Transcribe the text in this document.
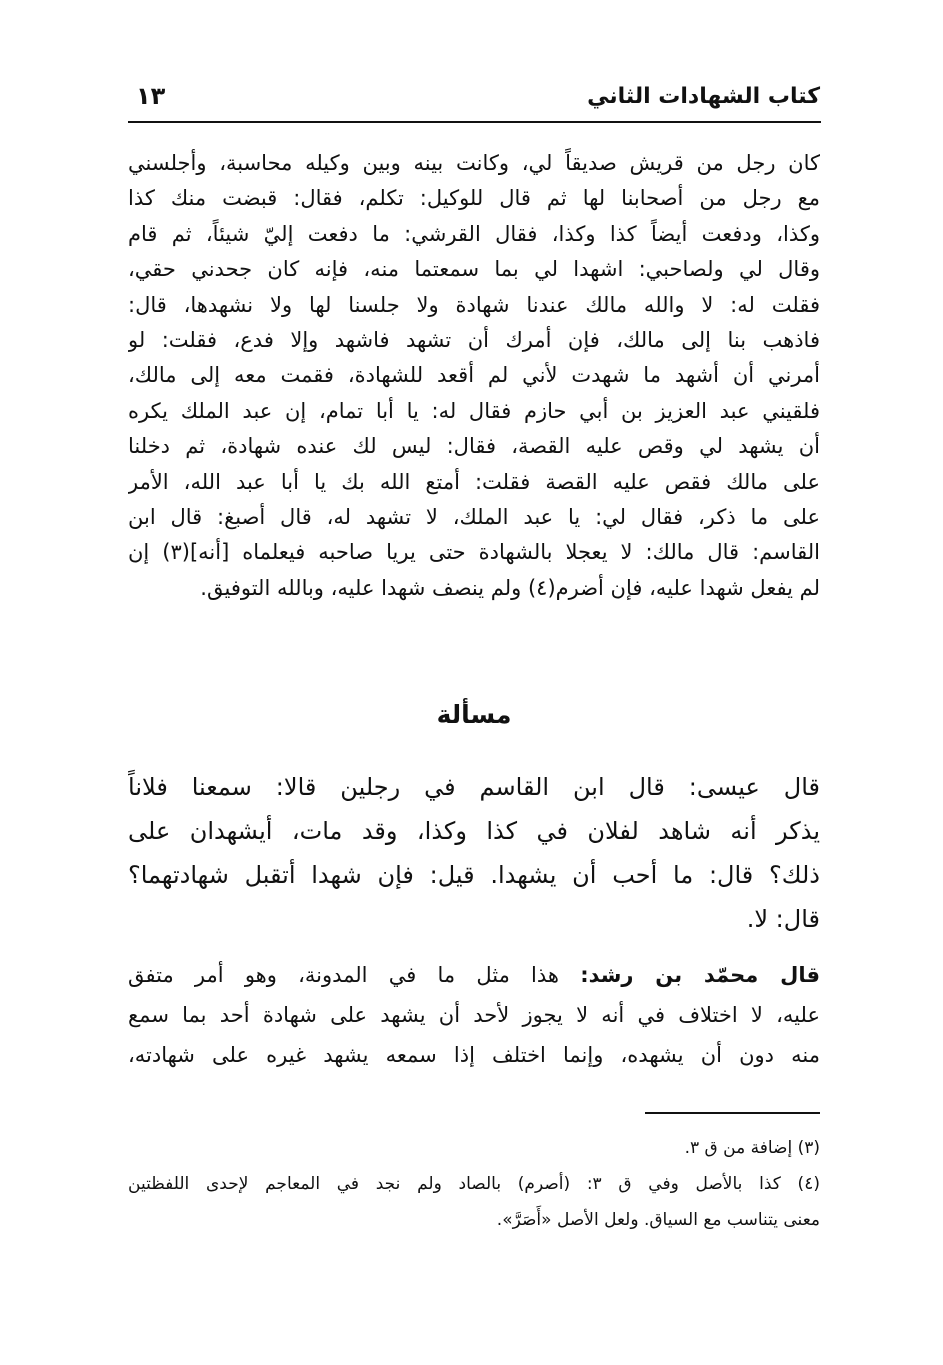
كتاب الشهادات الثاني
١٣
كان رجل من قريش صديقاً لي، وكانت بينه وبين وكيله محاسبة، وأجلسني
مع رجل من أصحابنا لها ثم قال للوكيل: تكلم، فقال: قبضت منك كذا
وكذا، ودفعت أيضاً كذا وكذا، فقال القرشي: ما دفعت إليّ شيئاً، ثم قام
وقال لي ولصاحبي: اشهدا لي بما سمعتما منه، فإنه كان جحدني حقي،
فقلت له: لا والله مالك عندنا شهادة ولا جلسنا لها ولا نشهدها، قال:
فاذهب بنا إلى مالك، فإن أمرك أن تشهد فاشهد وإلا فدع، فقلت: لو
أمرني أن أشهد ما شهدت لأني لم أقعد للشهادة، فقمت معه إلى مالك،
فلقيني عبد العزيز بن أبي حازم فقال له: يا أبا تمام، إن عبد الملك يكره
أن يشهد لي وقص عليه القصة، فقال: ليس لك عنده شهادة، ثم دخلنا
على مالك فقص عليه القصة فقلت: أمتع الله بك يا أبا عبد الله، الأمر
على ما ذكر، فقال لي: يا عبد الملك، لا تشهد له، قال أصبغ: قال ابن
القاسم: قال مالك: لا يعجلا بالشهادة حتى يريا صاحبه فيعلماه [أنه](٣) إن
لم يفعل شهدا عليه، فإن أضرم(٤) ولم ينصف شهدا عليه، وبالله التوفيق.
مسألة
قال عيسى: قال ابن القاسم في رجلين قالا: سمعنا فلاناً
يذكر أنه شاهد لفلان في كذا وكذا، وقد مات، أيشهدان على
ذلك؟ قال: ما أحب أن يشهدا. قيل: فإن شهدا أتقبل شهادتهما؟
قال: لا.
قال محمّد بن رشد: هذا مثل ما في المدونة، وهو أمر متفق
عليه، لا اختلاف في أنه لا يجوز لأحد أن يشهد على شهادة أحد بما سمع
منه دون أن يشهده، وإنما اختلف إذا سمعه يشهد غيره على شهادته،
(٣) إضافة من ق ٣.
(٤) كذا بالأصل وفي ق ٣: (أصرم) بالصاد ولم نجد في المعاجم لإحدى اللفظتين
معنى يتناسب مع السياق. ولعل الأصل «أَصَرَّ».
